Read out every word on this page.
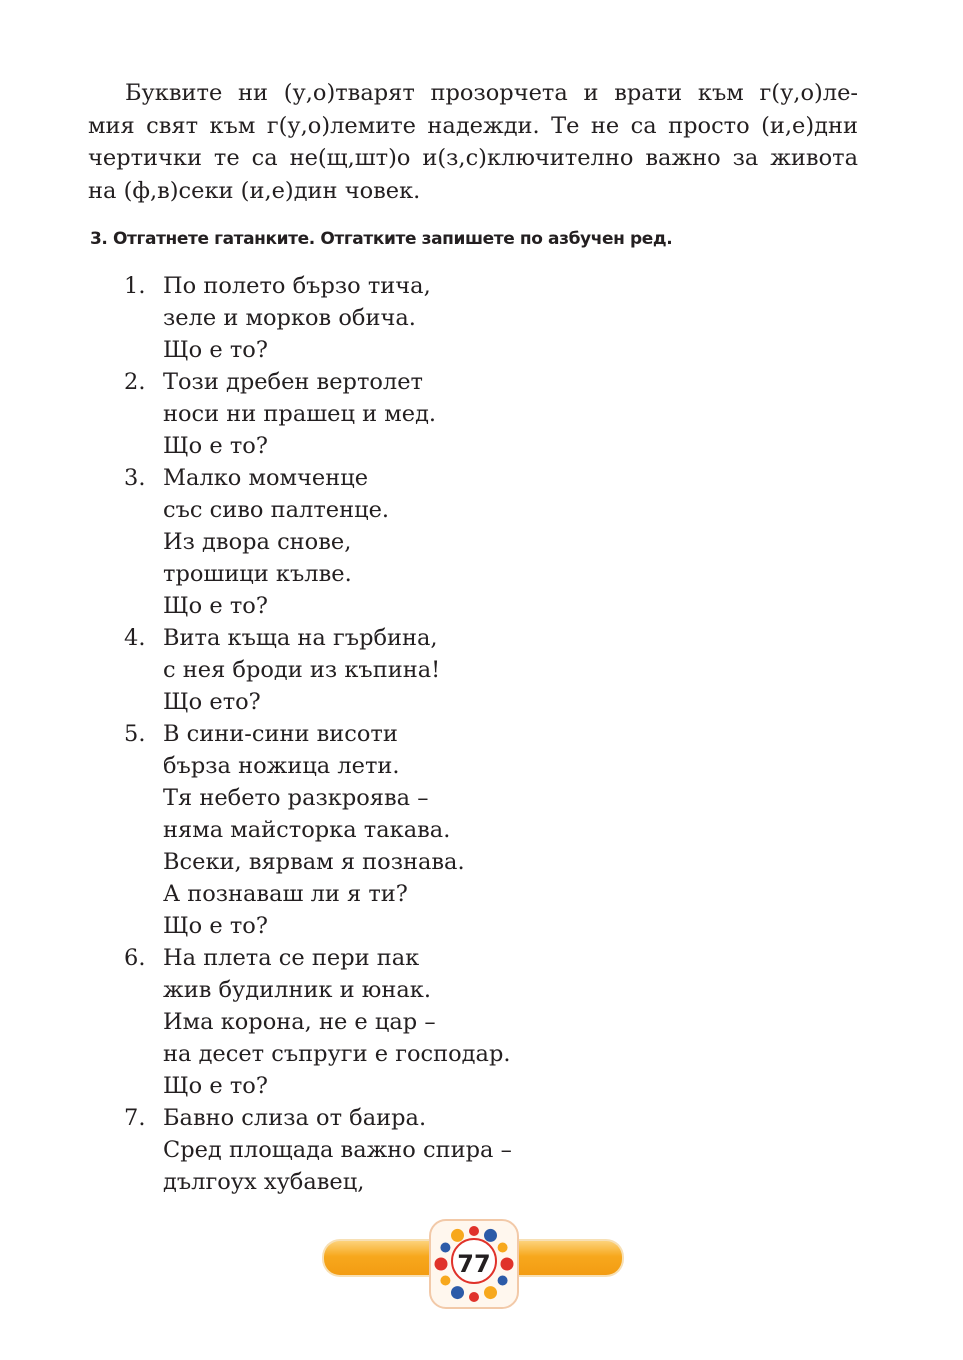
Буквите ни (у,о)тварят прозорчета и врати към г(у,о)ле-
мия свят към г(у,о)лемите надежди. Те не са просто (и,е)дни
чертички те са не(щ,шт)о и(з,с)ключително важно за живота
на (ф,в)секи (и,е)дин човек.

3. Отгатнете гатанките. Отгатките запишете по азбучен ред.
1. По полето бързо тича,
зеле и морков обича.
Що е то?
2. Този дребен вертолет
носи ни прашец и мед.
Що е то?
3. Малко момченце
със сиво палтенце.
Из двора снове,
трошици кълве.
Що е то?
4. Вита къща на гърбина,
с нея броди из къпина!
Що ето?
5. В сини-сини висоти
бърза ножица лети.
Тя небето разкроява –
няма майсторка такава.
Всеки, вярвам я познава.
А познаваш ли я ти?
Що е то?
6. На плета се пери пак
жив будилник и юнак.
Има корона, не е цар –
на десет съпруги е господар.
Що е то?
7. Бавно слиза от баира.
Сред площада важно спира –
дългоух хубавец,
77
